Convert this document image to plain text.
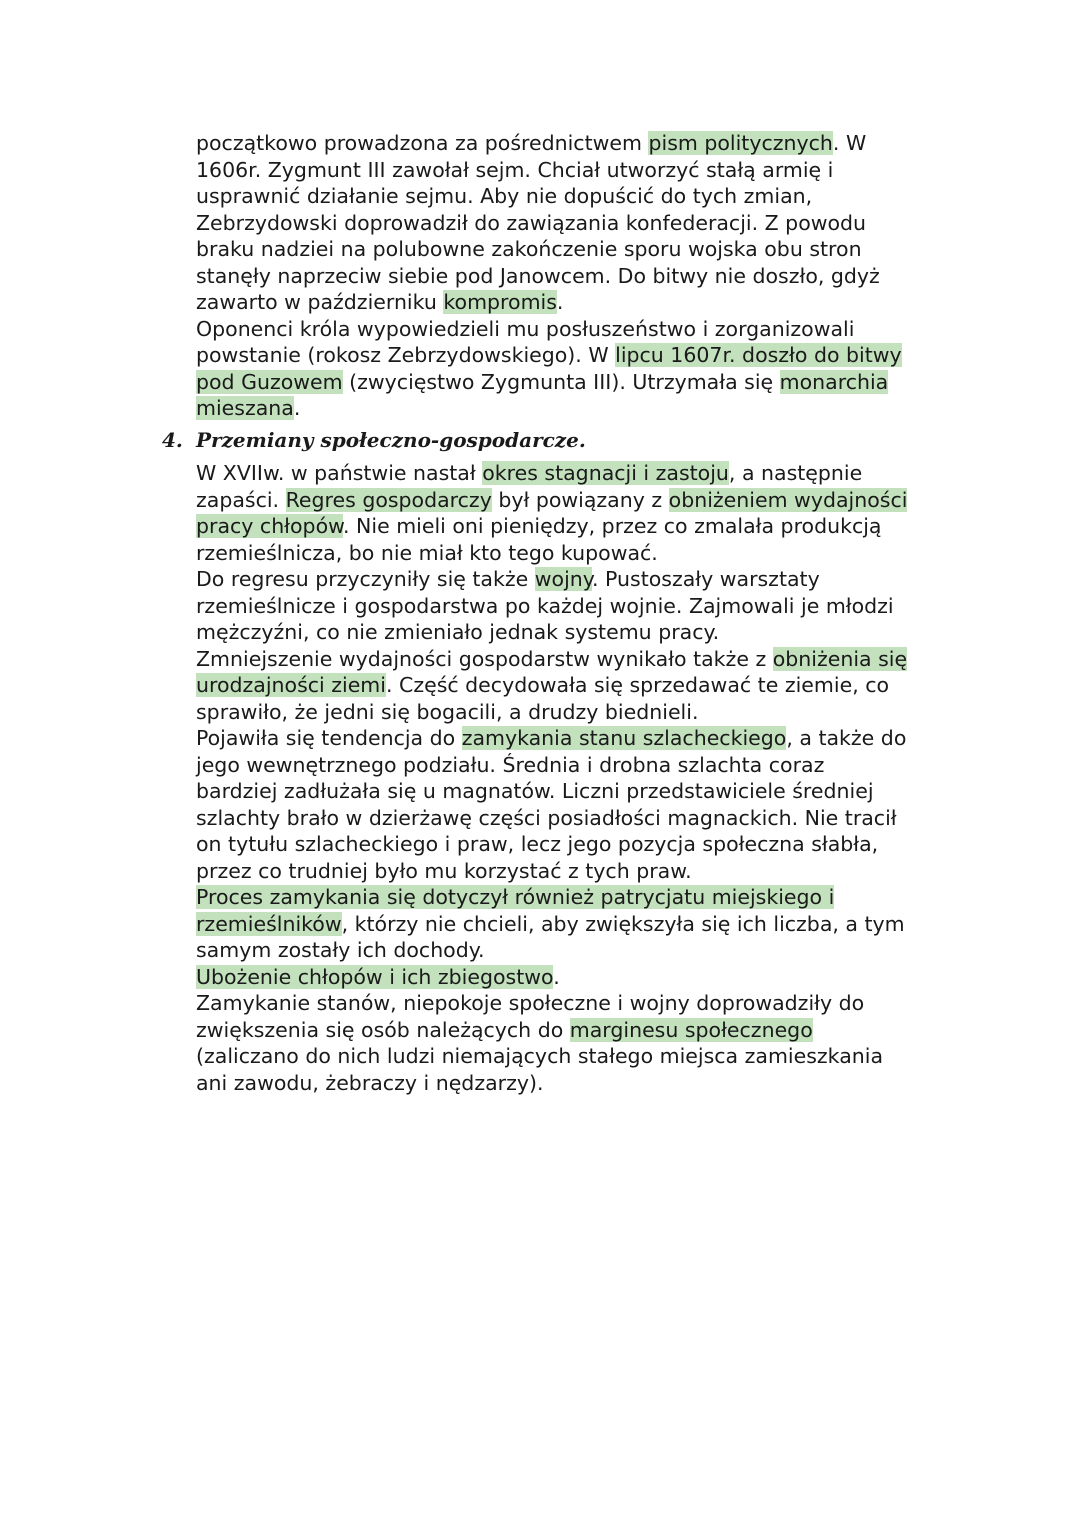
początkowo prowadzona za pośrednictwem pism politycznych. W
1606r. Zygmunt III zawołał sejm. Chciał utworzyć stałą armię i
usprawnić działanie sejmu. Aby nie dopuścić do tych zmian,
Zebrzydowski doprowadził do zawiązania konfederacji. Z powodu
braku nadziei na polubowne zakończenie sporu wojska obu stron
stanęły naprzeciw siebie pod Janowcem. Do bitwy nie doszło, gdyż
zawarto w październiku kompromis.
Oponenci króla wypowiedzieli mu posłuszeństwo i zorganizowali
powstanie (rokosz Zebrzydowskiego). W lipcu 1607r. doszło do bitwy
pod Guzowem (zwycięstwo Zygmunta III). Utrzymała się monarchia
mieszana.
4. Przemiany społeczno-gospodarcze.
W XVIIw. w państwie nastał okres stagnacji i zastoju, a następnie
zapaści. Regres gospodarczy był powiązany z obniżeniem wydajności
pracy chłopów. Nie mieli oni pieniędzy, przez co zmalała produkcją
rzemieślnicza, bo nie miał kto tego kupować.
Do regresu przyczyniły się także wojny. Pustoszały warsztaty
rzemieślnicze i gospodarstwa po każdej wojnie. Zajmowali je młodzi
mężczyźni, co nie zmieniało jednak systemu pracy.
Zmniejszenie wydajności gospodarstw wynikało także z obniżenia się
urodzajności ziemi. Część decydowała się sprzedawać te ziemie, co
sprawiło, że jedni się bogacili, a drudzy biednieli.
Pojawiła się tendencja do zamykania stanu szlacheckiego, a także do
jego wewnętrznego podziału. Średnia i drobna szlachta coraz
bardziej zadłużała się u magnatów. Liczni przedstawiciele średniej
szlachty brało w dzierżawę części posiadłości magnackich. Nie tracił
on tytułu szlacheckiego i praw, lecz jego pozycja społeczna słabła,
przez co trudniej było mu korzystać z tych praw.
Proces zamykania się dotyczył również patrycjatu miejskiego i
rzemieślników, którzy nie chcieli, aby zwiększyła się ich liczba, a tym
samym zostały ich dochody.
Ubożenie chłopów i ich zbiegostwo.
Zamykanie stanów, niepokoje społeczne i wojny doprowadziły do
zwiększenia się osób należących do marginesu społecznego
(zaliczano do nich ludzi niemających stałego miejsca zamieszkania
ani zawodu, żebraczy i nędzarzy).
